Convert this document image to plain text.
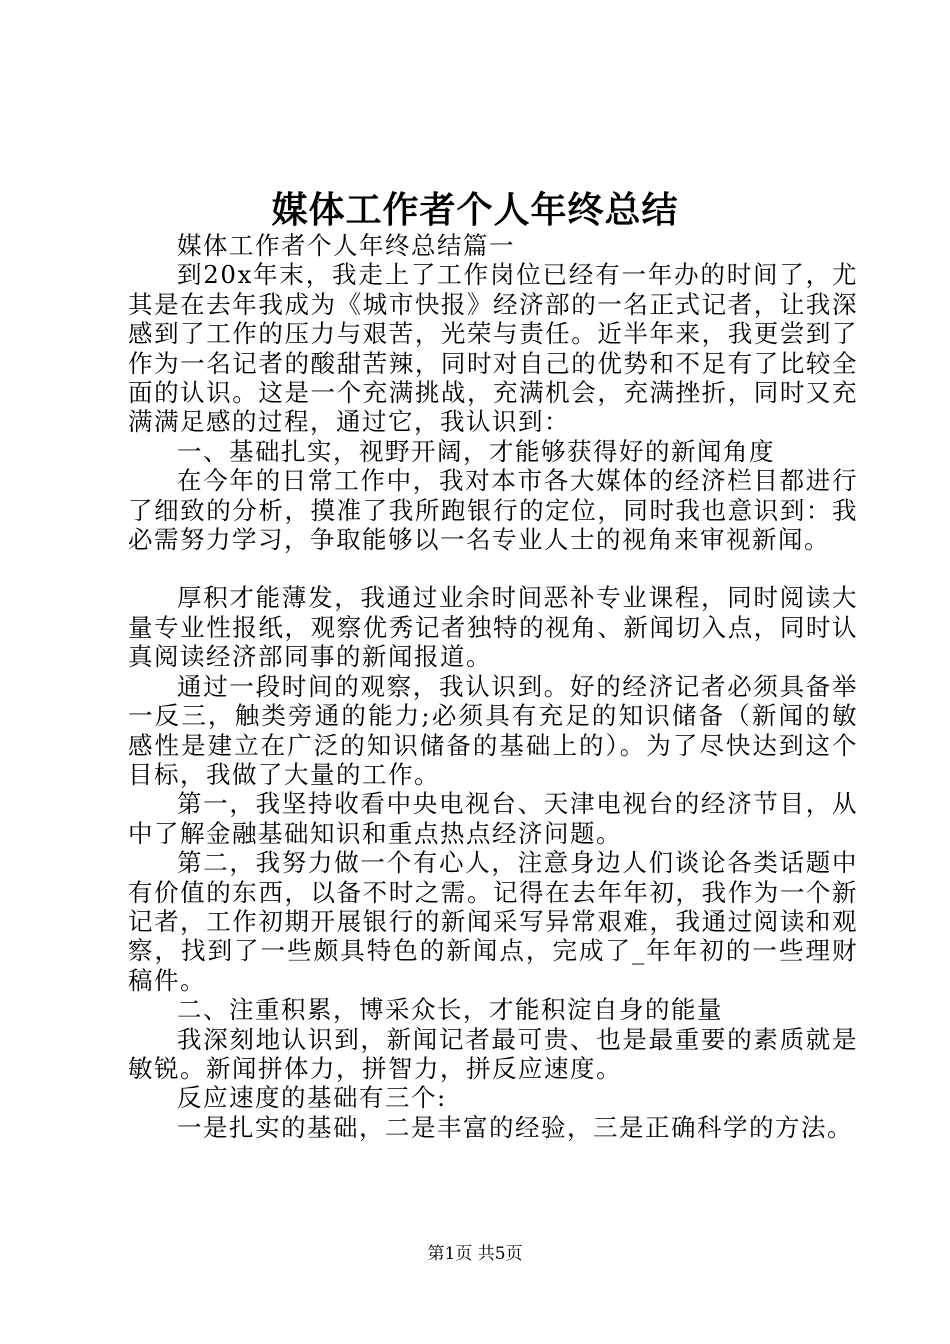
媒体工作者个人年终总结

媒体工作者个人年终总结篇一

到20x年末，我走上了工作岗位已经有一年办的时间了，尤其是在去年我成为《城市快报》经济部的一名正式记者，让我深感到了工作的压力与艰苦，光荣与责任。近半年来，我更尝到了作为一名记者的酸甜苦辣，同时对自己的优势和不足有了比较全面的认识。这是一个充满挑战，充满机会，充满挫折，同时又充满满足感的过程，通过它，我认识到：

一、基础扎实，视野开阔，才能够获得好的新闻角度

在今年的日常工作中，我对本市各大媒体的经济栏目都进行了细致的分析，摸准了我所跑银行的定位，同时我也意识到：我必需努力学习，争取能够以一名专业人士的视角来审视新闻。

厚积才能薄发，我通过业余时间恶补专业课程，同时阅读大量专业性报纸，观察优秀记者独特的视角、新闻切入点，同时认真阅读经济部同事的新闻报道。

通过一段时间的观察，我认识到。好的经济记者必须具备举一反三，触类旁通的能力;必须具有充足的知识储备（新闻的敏感性是建立在广泛的知识储备的基础上的）。为了尽快达到这个目标，我做了大量的工作。

第一，我坚持收看中央电视台、天津电视台的经济节目，从中了解金融基础知识和重点热点经济问题。

第二，我努力做一个有心人，注意身边人们谈论各类话题中有价值的东西，以备不时之需。记得在去年年初，我作为一个新记者，工作初期开展银行的新闻采写异常艰难，我通过阅读和观察，找到了一些颇具特色的新闻点，完成了_年年初的一些理财稿件。

二、注重积累，博采众长，才能积淀自身的能量

我深刻地认识到，新闻记者最可贵、也是最重要的素质就是敏锐。新闻拼体力，拼智力，拼反应速度。

反应速度的基础有三个:

一是扎实的基础，二是丰富的经验，三是正确科学的方法。

第1页 共5页
